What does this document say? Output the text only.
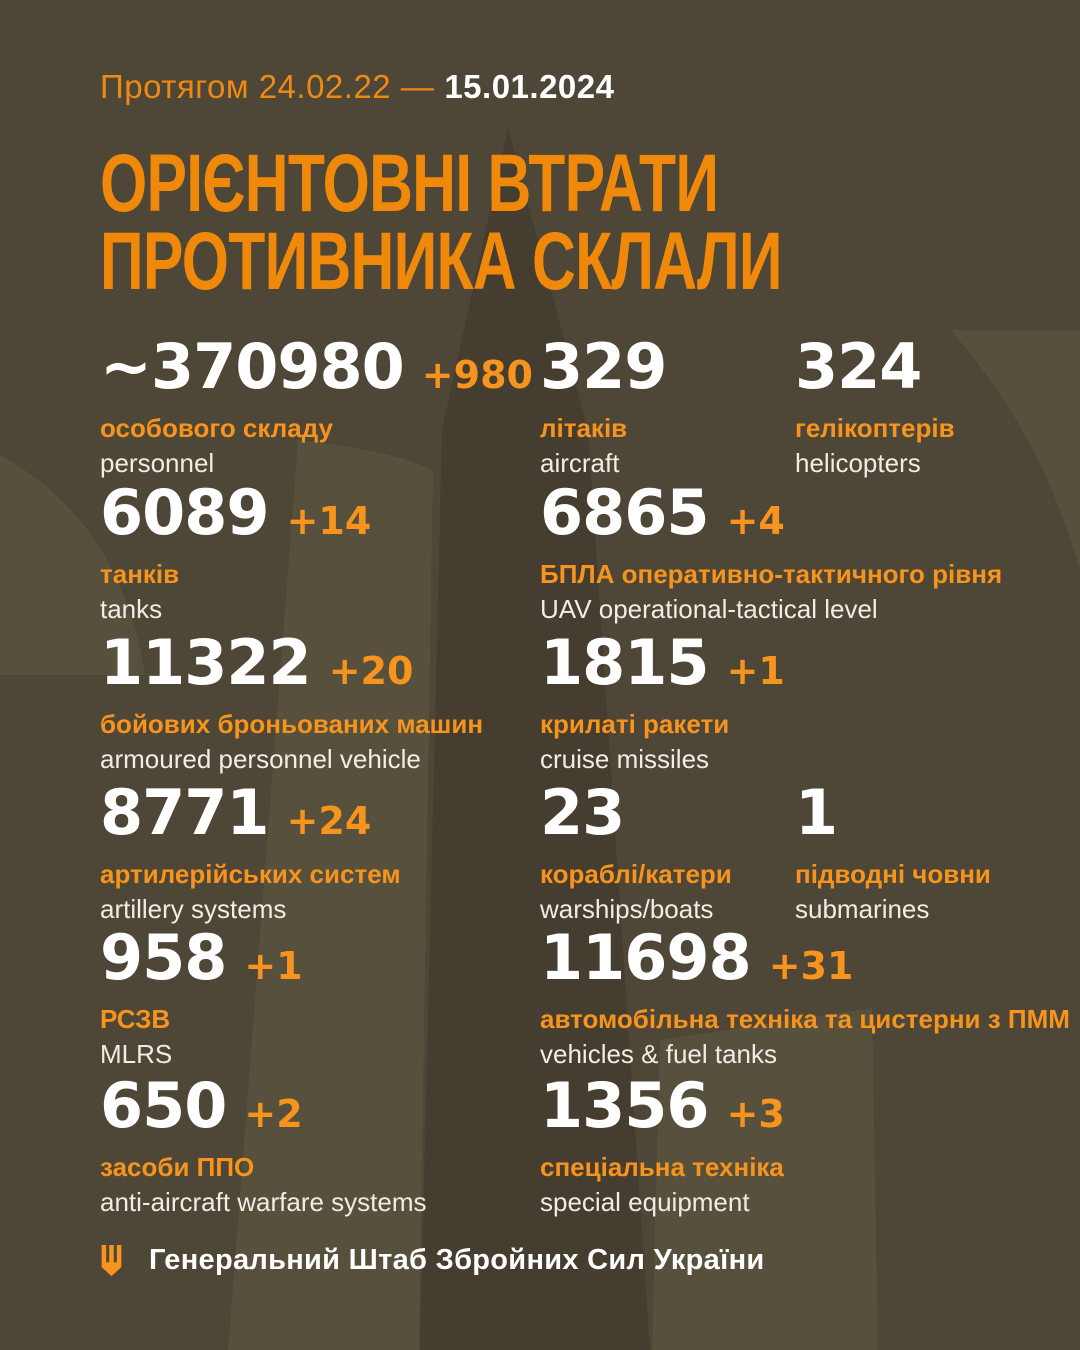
Протягом 24.02.22 — 15.01.2024
ОРІЄНТОВНІ ВТРАТИ
ПРОТИВНИКА СКЛАЛИ
~370980 +980
особового складу
personnel
329
літаків
aircraft
324
гелікоптерів
helicopters
6089 +14
танків
tanks
6865 +4
БПЛА оперативно-тактичного рівня
UAV operational-tactical level
11322 +20
бойових броньованих машин
armoured personnel vehicle
1815 +1
крилаті ракети
cruise missiles
8771 +24
артилерійських систем
artillery systems
23
кораблі/катери
warships/boats
1
підводні човни
submarines
958 +1
РСЗВ
MLRS
11698 +31
автомобільна техніка та цистерни з ПММ
vehicles & fuel tanks
650 +2
засоби ППО
anti-aircraft warfare systems
1356 +3
спеціальна техніка
special equipment
Генеральний Штаб Збройних Сил України
